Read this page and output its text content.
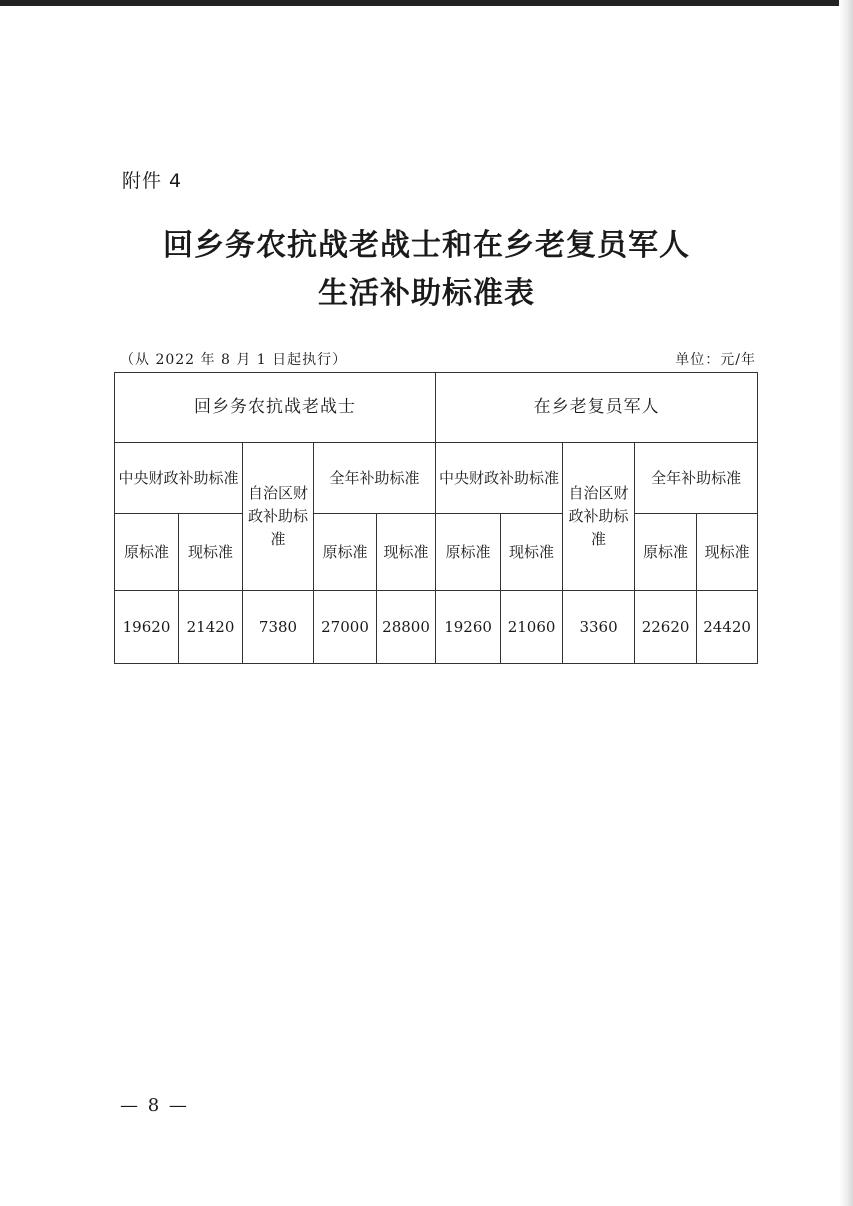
附件 4
回乡务农抗战老战士和在乡老复员军人
生活补助标准表
（从 2022 年 8 月 1 日起执行）	单位：元/年
回乡务农抗战老战士					在乡老复员军人				
中央财政补助标准		自治区财政补助标准	全年补助标准		中央财政补助标准		自治区财政补助标准	全年补助标准	
原标准	现标准		原标准	现标准	原标准	现标准		原标准	现标准
19620	21420	7380	27000	28800	19260	21060	3360	22620	24420
— 8 —
